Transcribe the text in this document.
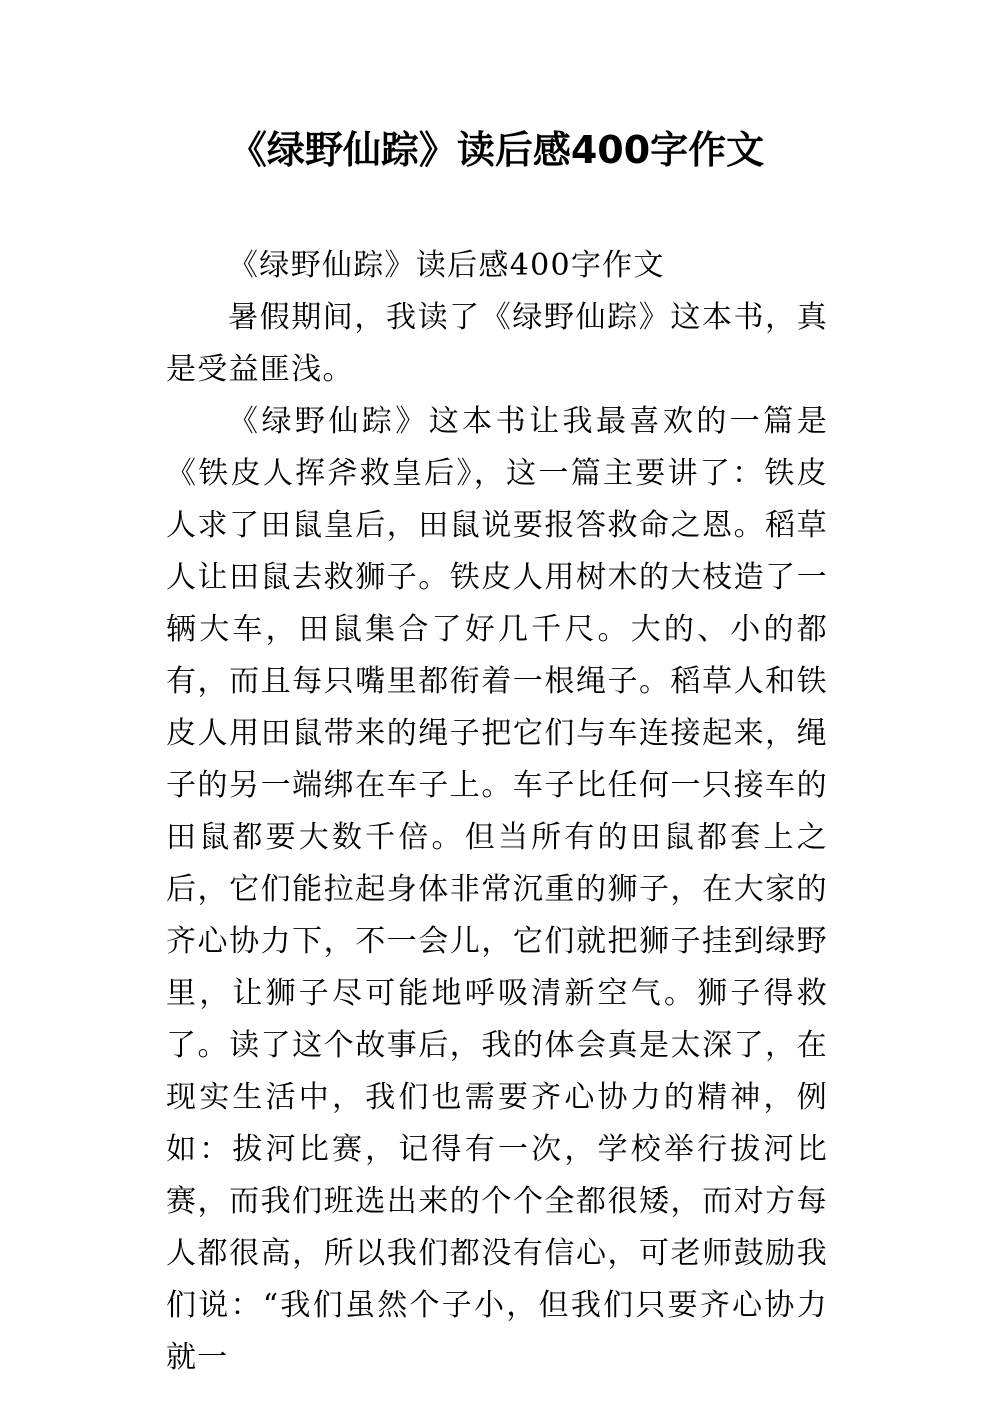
《绿野仙踪》读后感400字作文

《绿野仙踪》读后感400字作文

暑假期间，我读了《绿野仙踪》这本书，真是受益匪浅。

《绿野仙踪》这本书让我最喜欢的一篇是《铁皮人挥斧救皇后》，这一篇主要讲了：铁皮人求了田鼠皇后，田鼠说要报答救命之恩。稻草人让田鼠去救狮子。铁皮人用树木的大枝造了一辆大车，田鼠集合了好几千尺。大的、小的都有，而且每只嘴里都衔着一根绳子。稻草人和铁皮人用田鼠带来的绳子把它们与车连接起来，绳子的另一端绑在车子上。车子比任何一只接车的田鼠都要大数千倍。但当所有的田鼠都套上之后，它们能拉起身体非常沉重的狮子，在大家的齐心协力下，不一会儿，它们就把狮子挂到绿野里，让狮子尽可能地呼吸清新空气。狮子得救了。读了这个故事后，我的体会真是太深了，在现实生活中，我们也需要齐心协力的精神，例如：拔河比赛，记得有一次，学校举行拔河比赛，而我们班选出来的个个全都很矮，而对方每人都很高，所以我们都没有信心，可老师鼓励我们说：“我们虽然个子小，但我们只要齐心协力就一
